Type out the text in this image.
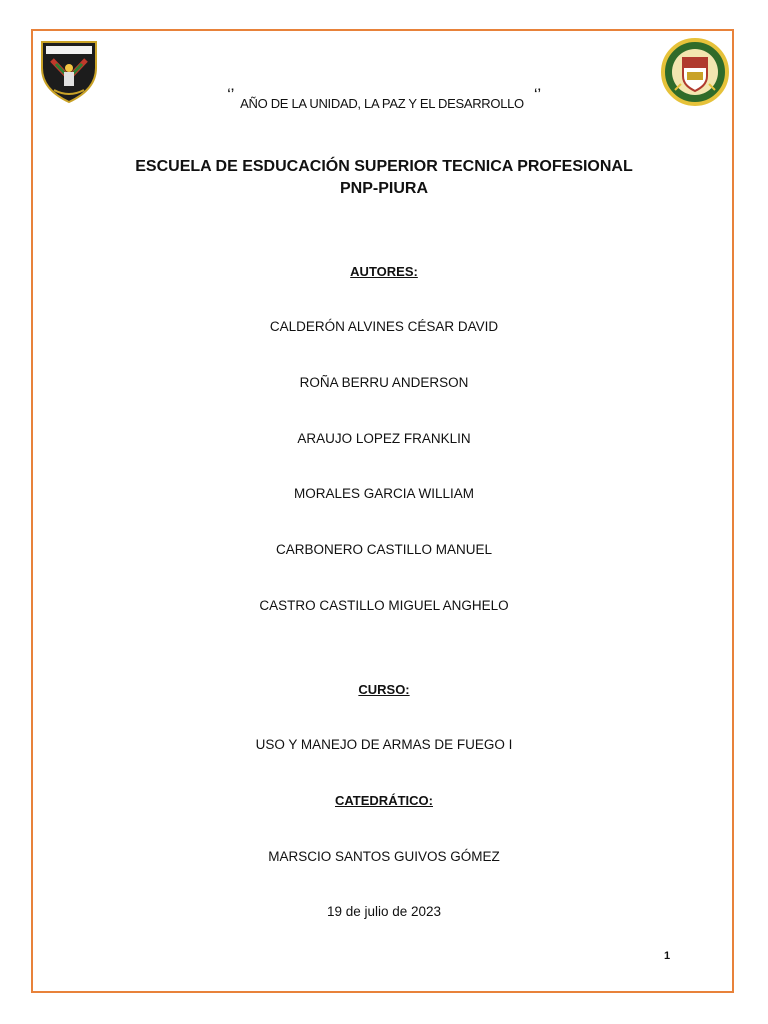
‘’ AÑO DE LA UNIDAD, LA PAZ Y EL DESARROLLO ‘’
ESCUELA DE ESDUCACIÓN SUPERIOR TECNICA PROFESIONAL
PNP-PIURA
AUTORES:
CALDERÓN ALVINES CÉSAR DAVID
ROÑA BERRU ANDERSON
ARAUJO LOPEZ FRANKLIN
MORALES GARCIA WILLIAM
CARBONERO CASTILLO MANUEL
CASTRO CASTILLO MIGUEL ANGHELO
CURSO:
USO Y MANEJO DE ARMAS DE FUEGO I
CATEDRÁTICO:
MARSCIO SANTOS GUIVOS GÓMEZ
19 de julio de 2023
1
